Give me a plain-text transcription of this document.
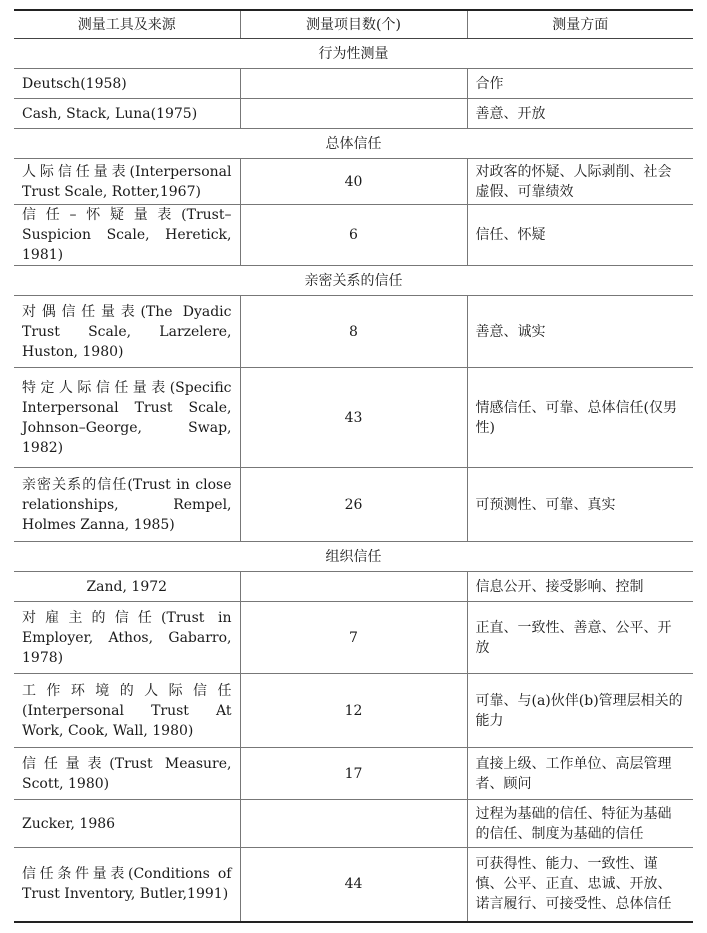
测量工具及来源	测量项目数(个)	测量方面
行为性测量		
Deutsch(1958)		合作
Cash, Stack, Luna(1975)		善意、开放
总体信任		
人际信任量表(Interpersonal Trust Scale, Rotter,1967)	40	对政客的怀疑、人际剥削、社会虚假、可靠绩效
信任–怀疑量表(Trust– Suspicion Scale, Heretick, 1981)	6	信任、怀疑
亲密关系的信任		
对偶信任量表(The Dyadic Trust Scale, Larzelere, Huston, 1980)	8	善意、诚实
特定人际信任量表(Specific Interpersonal Trust Scale, Johnson–George, Swap, 1982)	43	情感信任、可靠、总体信任(仅男性)
亲密关系的信任(Trust in close relationships, Rempel, Holmes Zanna, 1985)	26	可预测性、可靠、真实
组织信任		
Zand, 1972		信息公开、接受影响、控制
对雇主的信任(Trust in Employer, Athos, Gabarro, 1978)	7	正直、一致性、善意、公平、开放
工作环境的人际信任(Interpersonal Trust At Work, Cook, Wall, 1980)	12	可靠、与(a)伙伴(b)管理层相关的能力
信任量表(Trust Measure, Scott, 1980)	17	直接上级、工作单位、高层管理者、顾问
Zucker, 1986		过程为基础的信任、特征为基础的信任、制度为基础的信任
信任条件量表(Conditions of Trust Inventory, Butler,1991)	44	可获得性、能力、一致性、谨慎、公平、正直、忠诚、开放、诺言履行、可接受性、总体信任
